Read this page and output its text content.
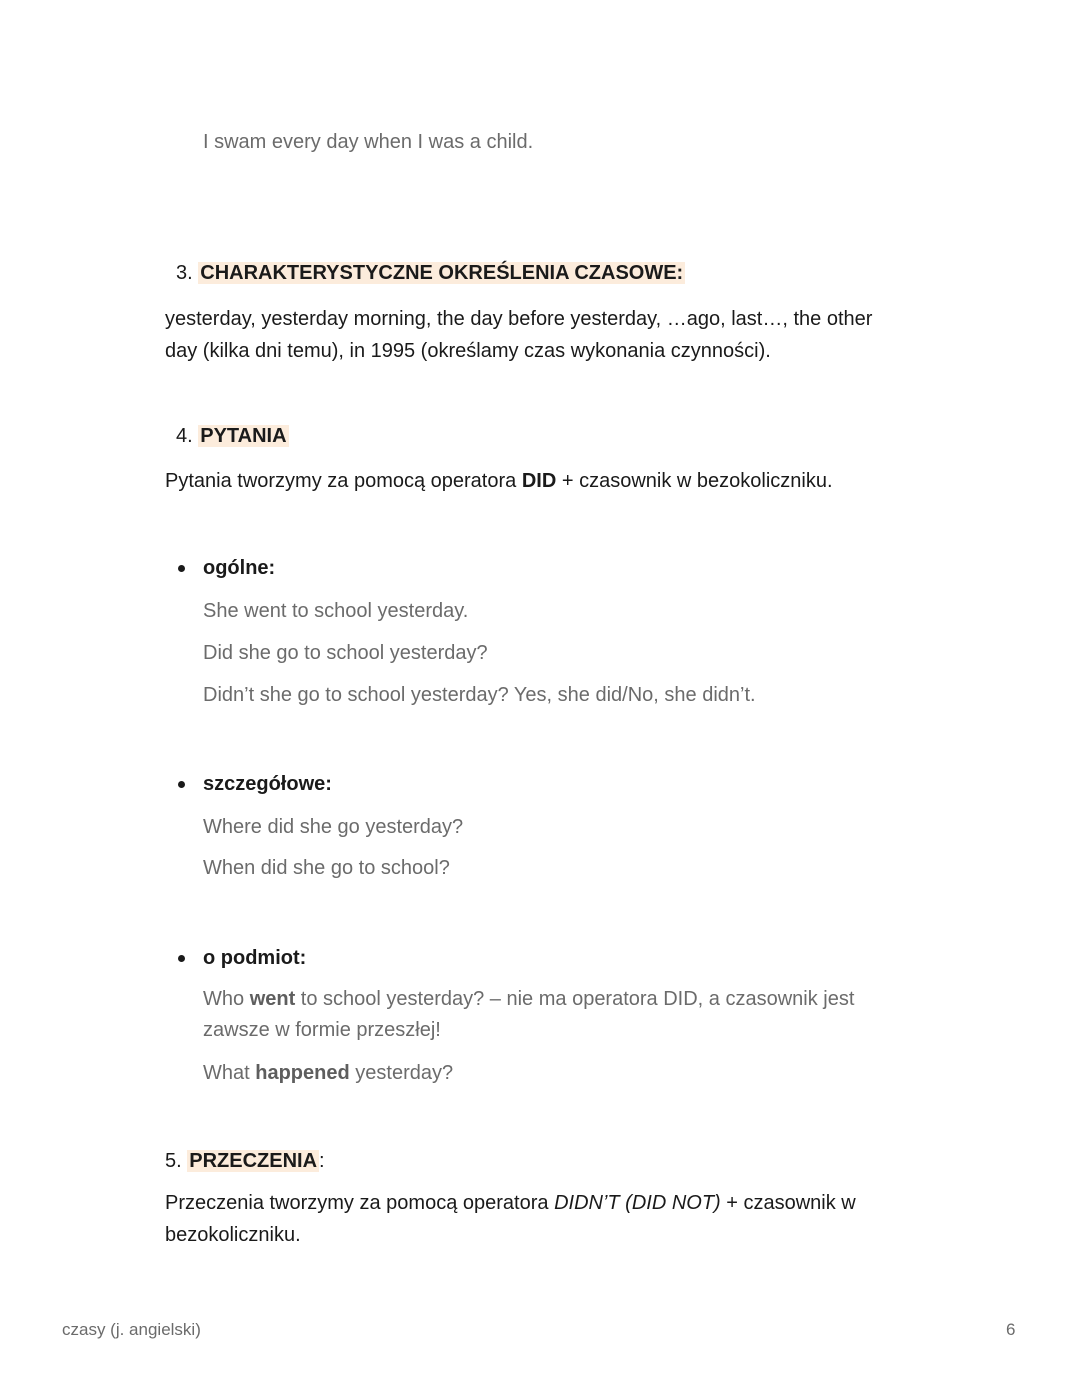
I swam every day when I was a child.

3. CHARAKTERYSTYCZNE OKREŚLENIA CZASOWE:

yesterday, yesterday morning, the day before yesterday, …ago, last…, the other

day (kilka dni temu), in 1995 (określamy czas wykonania czynności).

4. PYTANIA

Pytania tworzymy za pomocą operatora DID + czasownik w bezokoliczniku.

ogólne:

She went to school yesterday.

Did she go to school yesterday?

Didn’t she go to school yesterday? Yes, she did/No, she didn’t.

szczegółowe:

Where did she go yesterday?

When did she go to school?

o podmiot:

Who went to school yesterday? – nie ma operatora DID, a czasownik jest

zawsze w formie przeszłej!

What happened yesterday?

5. PRZECZENIA :

Przeczenia tworzymy za pomocą operatora DIDN’T (DID NOT) + czasownik w

bezokoliczniku.

czasy (j. angielski)	6
